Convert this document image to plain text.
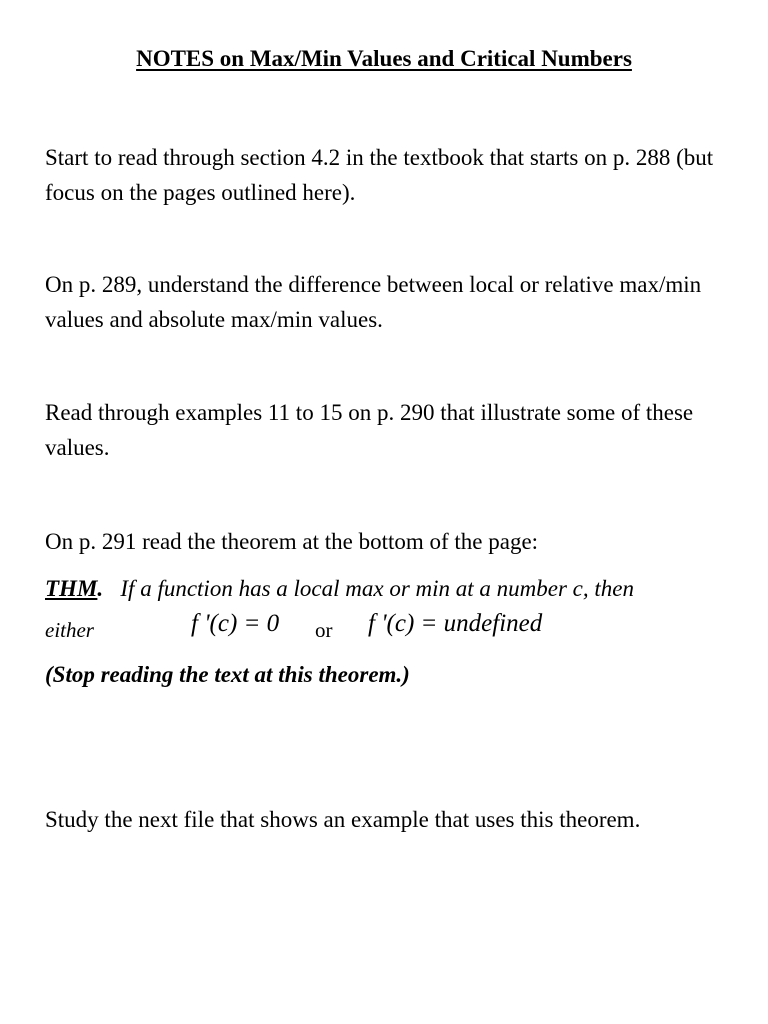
NOTES on Max/Min Values and Critical Numbers
Start to read through section 4.2 in the textbook that starts on p. 288 (but focus on the pages outlined here).
On p. 289, understand the difference between local or relative max/min values and absolute max/min values.
Read through examples 11 to 15 on p. 290 that illustrate some of these values.
On p. 291 read the theorem at the bottom of the page:
THM. If a function has a local max or min at a number c, then
either	f '(c) = 0 or f '(c) = undefined
(Stop reading the text at this theorem.)
Study the next file that shows an example that uses this theorem.
